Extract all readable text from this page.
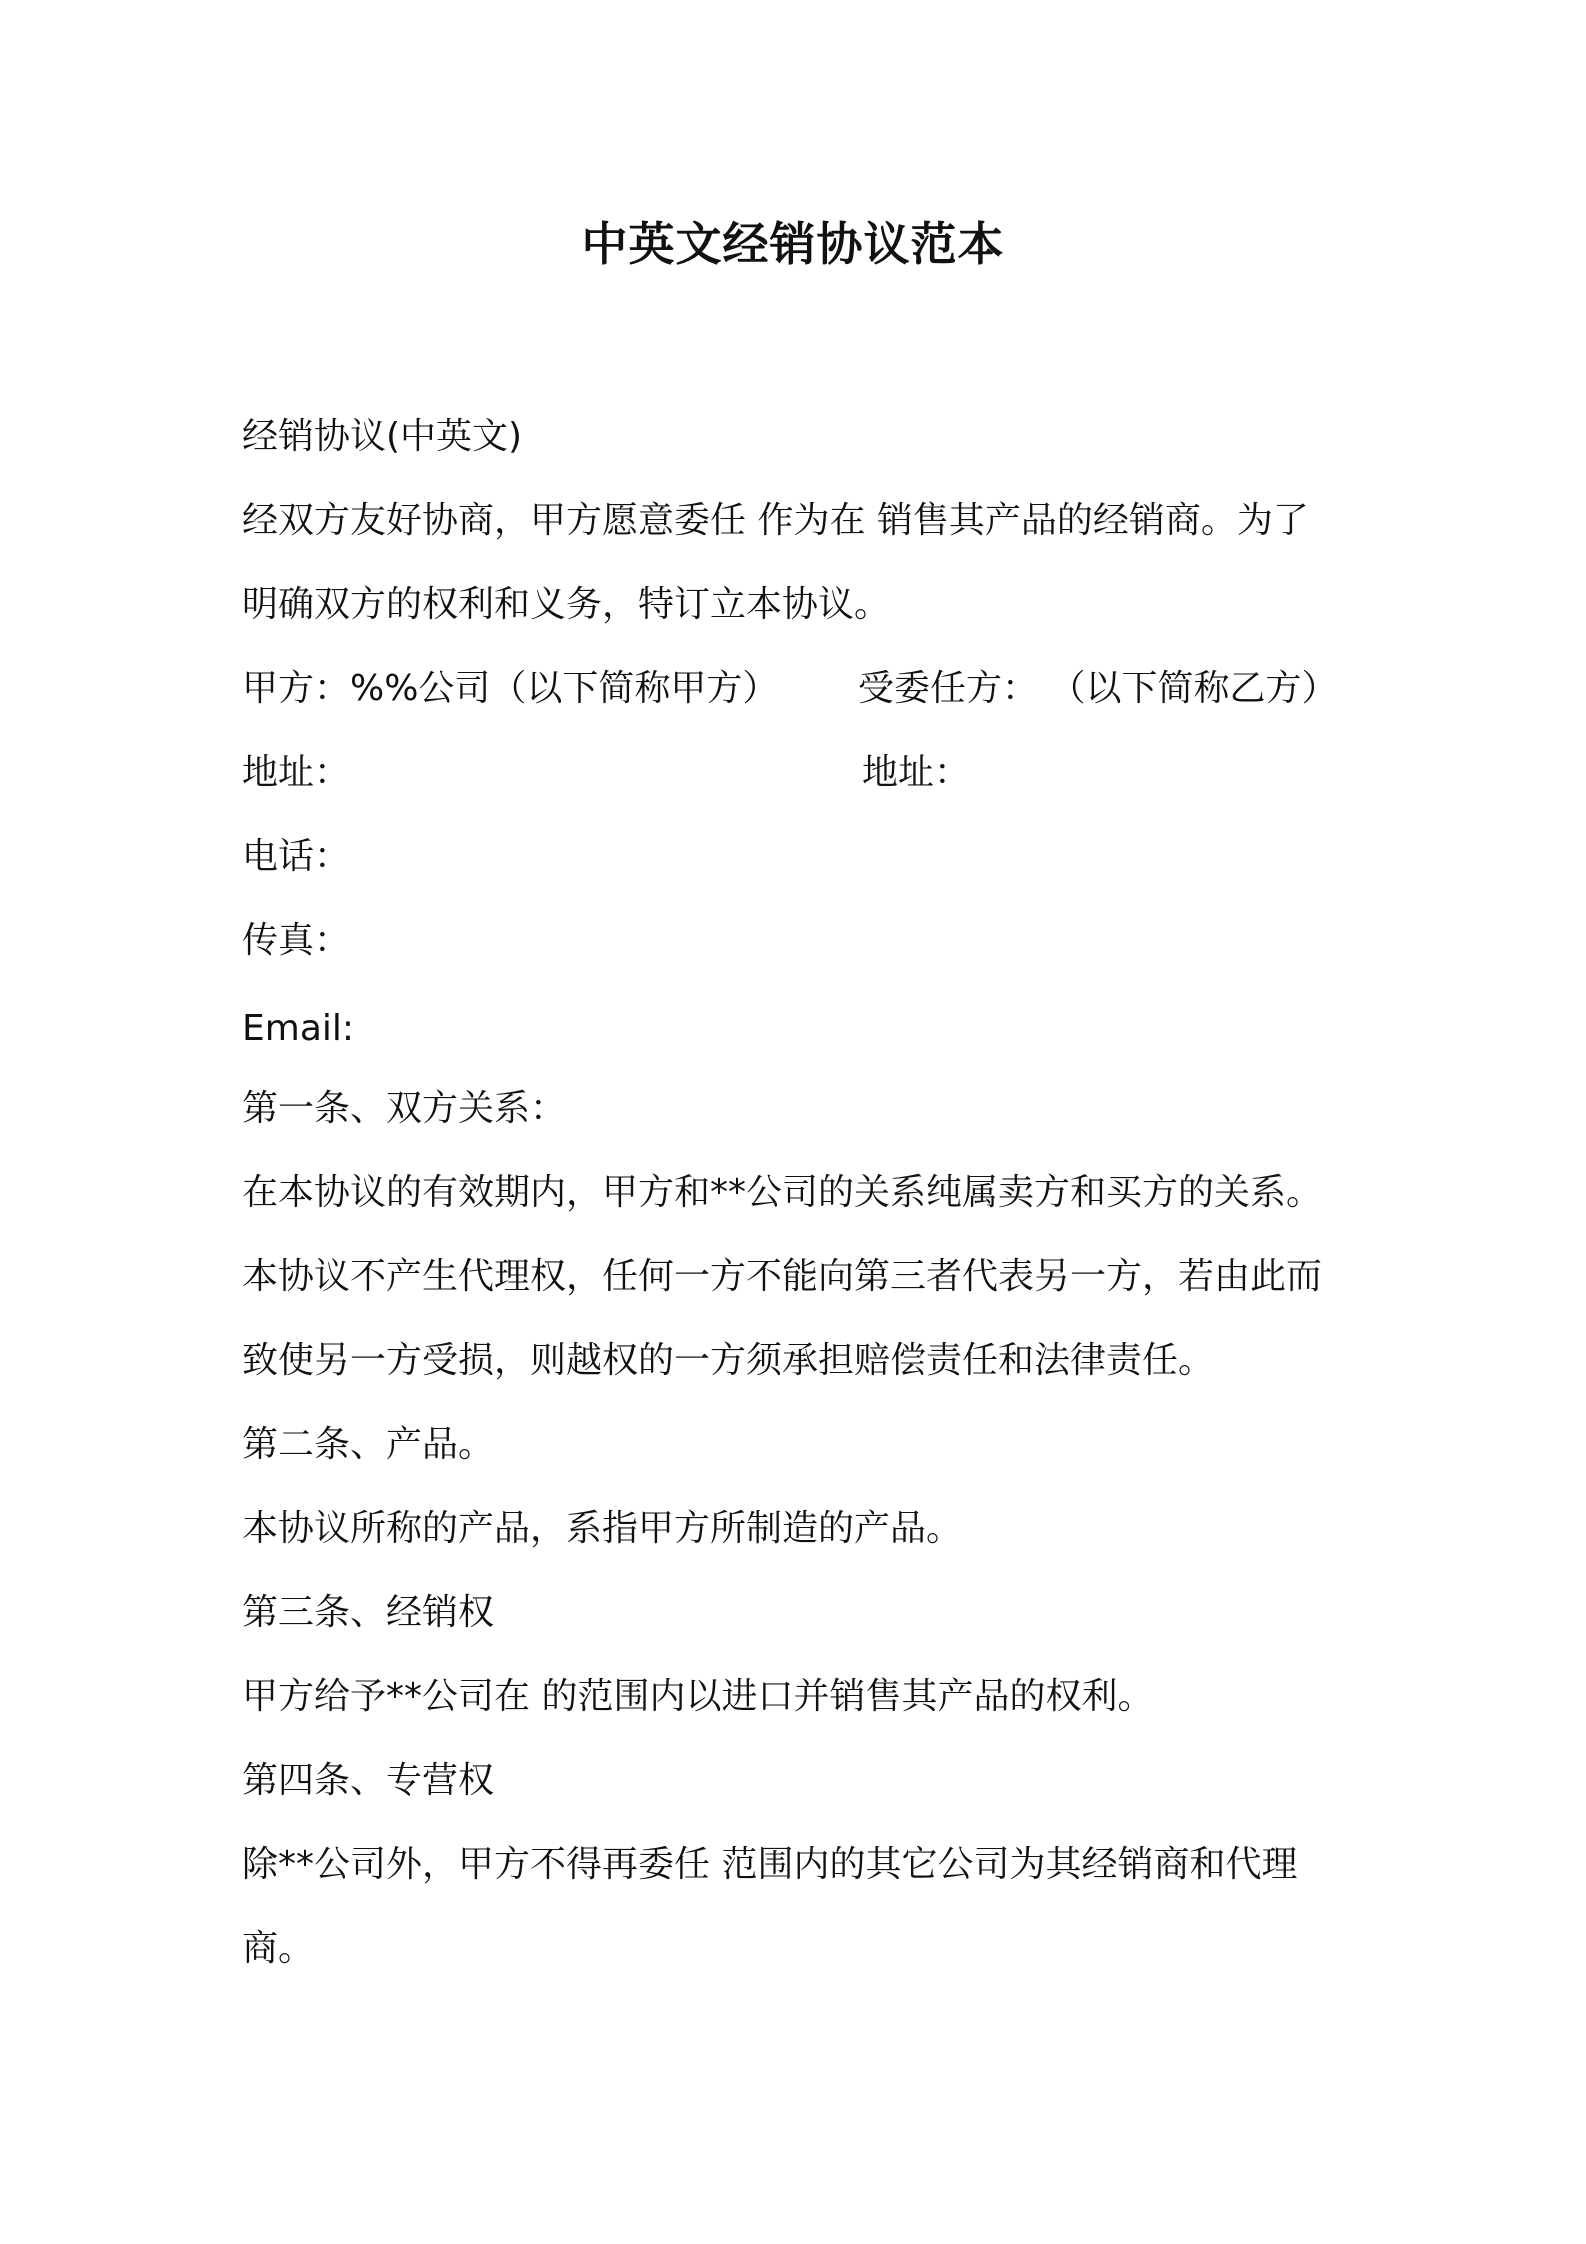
中英文经销协议范本
经销协议(中英文)
经双方友好协商，甲方愿意委任 作为在 销售其产品的经销商。为了
明确双方的权利和义务，特订立本协议。
甲方：%%公司（以下简称甲方） 受委任方： （以下简称乙方）
地址：	地址：
电话：
传真：
Email:
第一条、双方关系：
在本协议的有效期内，甲方和**公司的关系纯属卖方和买方的关系。
本协议不产生代理权，任何一方不能向第三者代表另一方，若由此而
致使另一方受损，则越权的一方须承担赔偿责任和法律责任。
第二条、产品。
本协议所称的产品，系指甲方所制造的产品。
第三条、经销权
甲方给予**公司在 的范围内以进口并销售其产品的权利。
第四条、专营权
除**公司外，甲方不得再委任 范围内的其它公司为其经销商和代理
商。
